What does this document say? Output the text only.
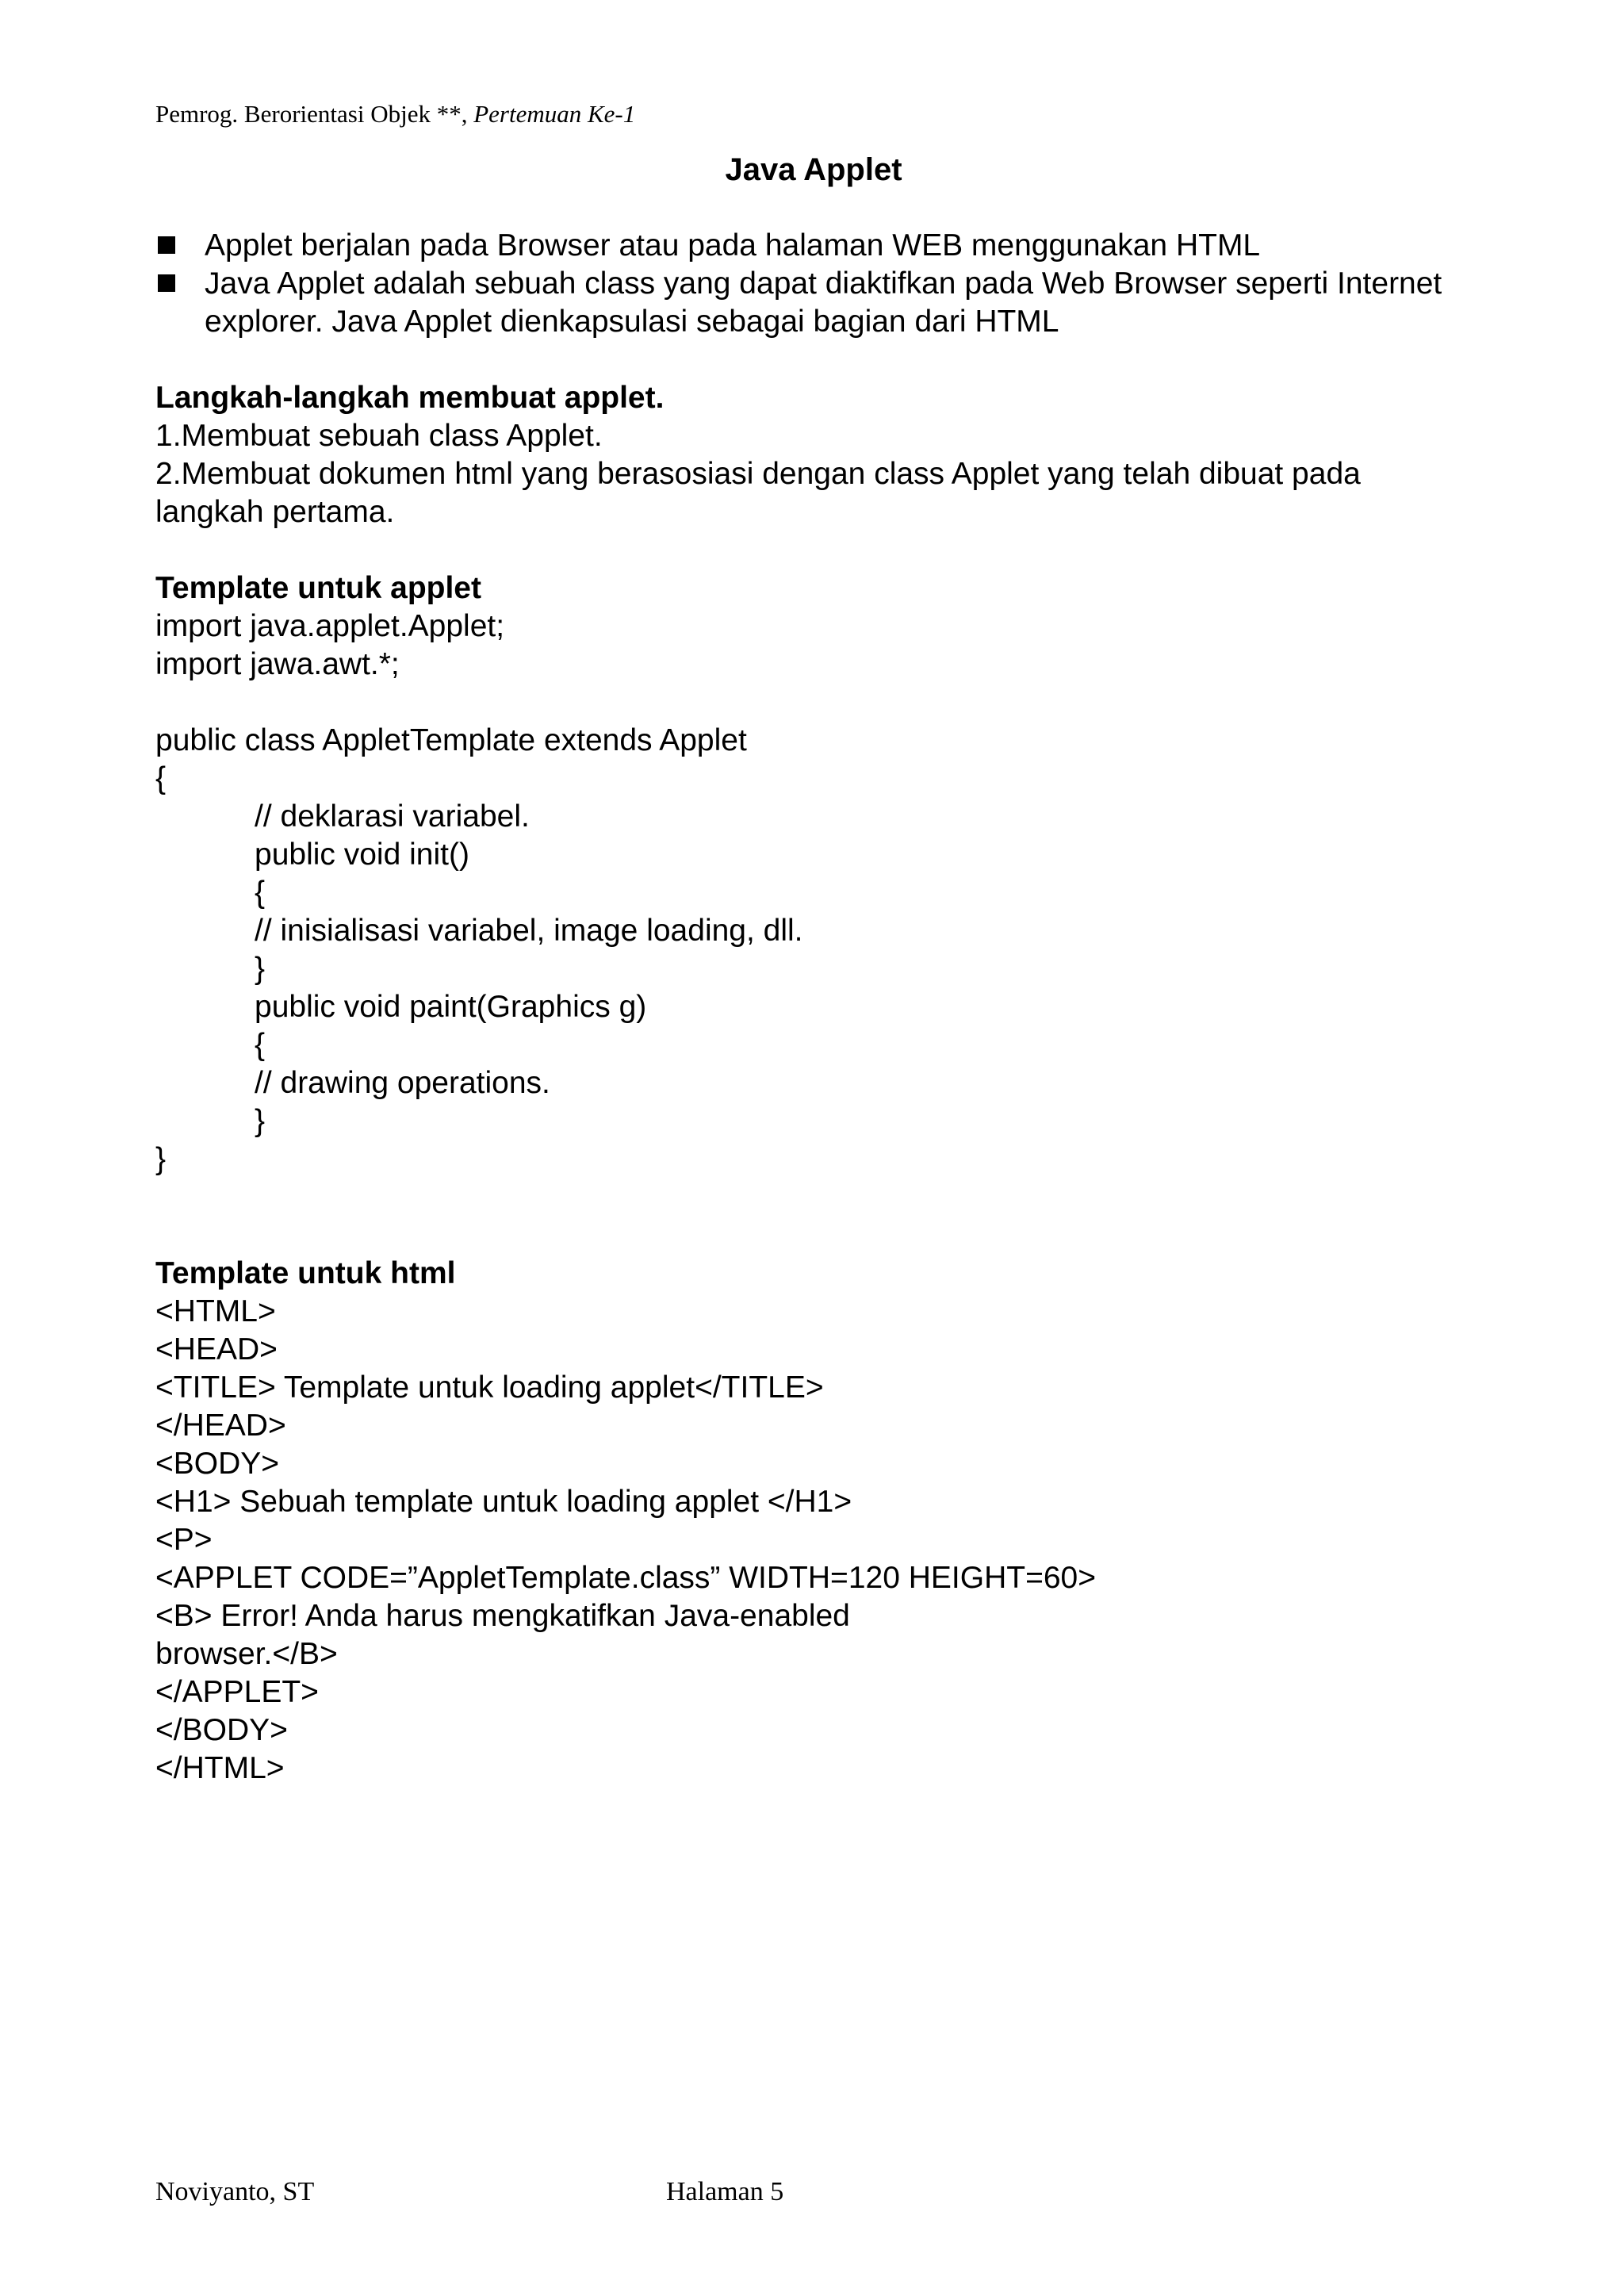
Pemrog. Berorientasi Objek **, Pertemuan Ke-1
Java Applet
Applet berjalan pada Browser atau pada halaman WEB menggunakan HTML
Java Applet adalah sebuah class yang dapat diaktifkan pada Web Browser seperti Internet explorer. Java Applet dienkapsulasi sebagai bagian dari HTML
Langkah-langkah membuat applet.
1.Membuat sebuah class Applet.
2.Membuat dokumen html yang berasosiasi dengan class Applet yang telah dibuat pada langkah pertama.
Template untuk applet
import java.applet.Applet;
import jawa.awt.*;
public class AppletTemplate extends Applet
{
// deklarasi variabel.
public void init()
{
// inisialisasi variabel, image loading, dll.
}
public void paint(Graphics g)
{
// drawing operations.
}
}
Template untuk html
<HTML>
<HEAD>
<TITLE> Template untuk loading applet</TITLE>
</HEAD>
<BODY>
<H1> Sebuah template untuk loading applet </H1>
<P>
<APPLET CODE=”AppletTemplate.class” WIDTH=120 HEIGHT=60>
<B> Error! Anda harus mengkatifkan Java-enabled
browser.</B>
</APPLET>
</BODY>
</HTML>
Noviyanto, ST	Halaman 5
